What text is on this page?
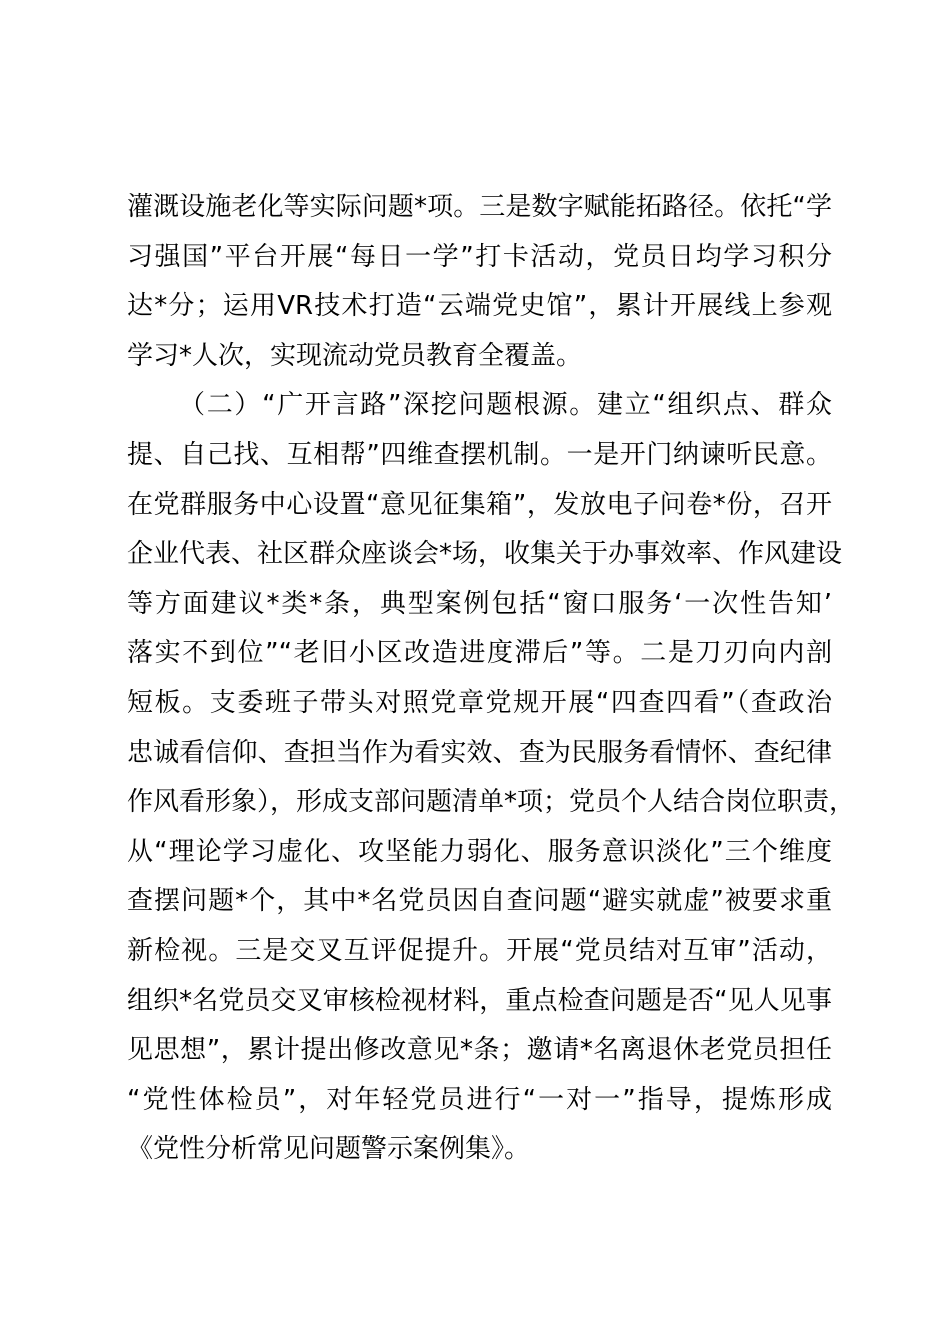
灌溉设施老化等实际问题*项。三是数字赋能拓路径。依托“学
习强国”平台开展“每日一学”打卡活动，党员日均学习积分
达*分；运用VR技术打造“云端党史馆”，累计开展线上参观
学习*人次，实现流动党员教育全覆盖。
（二）“广开言路”深挖问题根源。建立“组织点、群众
提、自己找、互相帮”四维查摆机制。一是开门纳谏听民意。
在党群服务中心设置“意见征集箱”，发放电子问卷*份，召开
企业代表、社区群众座谈会*场，收集关于办事效率、作风建设
等方面建议*类*条，典型案例包括“窗口服务‘一次性告知’
落实不到位”“老旧小区改造进度滞后”等。二是刀刃向内剖
短板。支委班子带头对照党章党规开展“四查四看”（查政治
忠诚看信仰、查担当作为看实效、查为民服务看情怀、查纪律
作风看形象），形成支部问题清单*项；党员个人结合岗位职责，
从“理论学习虚化、攻坚能力弱化、服务意识淡化”三个维度
查摆问题*个，其中*名党员因自查问题“避实就虚”被要求重
新检视。三是交叉互评促提升。开展“党员结对互审”活动，
组织*名党员交叉审核检视材料，重点检查问题是否“见人见事
见思想”，累计提出修改意见*条；邀请*名离退休老党员担任
“党性体检员”，对年轻党员进行“一对一”指导，提炼形成
《党性分析常见问题警示案例集》。
